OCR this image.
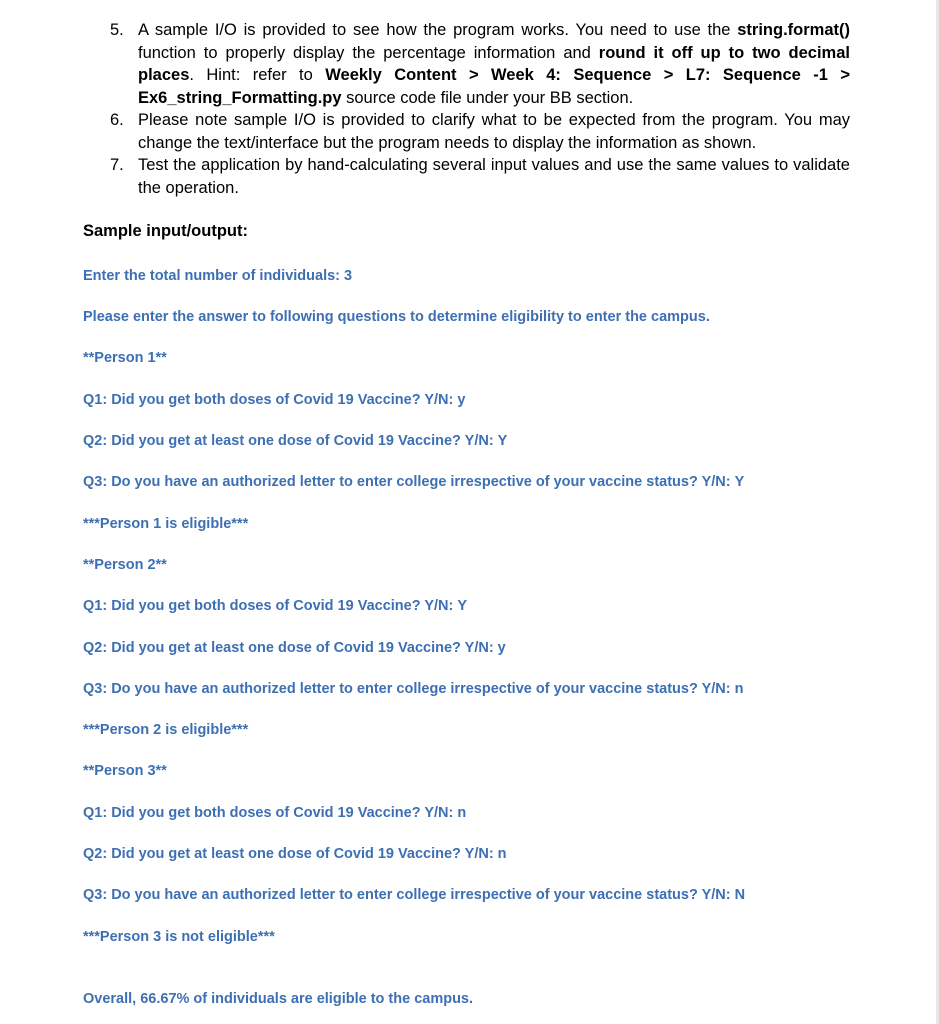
5. A sample I/O is provided to see how the program works. You need to use the string.format() function to properly display the percentage information and round it off up to two decimal places. Hint: refer to Weekly Content > Week 4: Sequence > L7: Sequence -1 > Ex6_string_Formatting.py source code file under your BB section.
6. Please note sample I/O is provided to clarify what to be expected from the program. You may change the text/interface but the program needs to display the information as shown.
7. Test the application by hand-calculating several input values and use the same values to validate the operation.

Sample input/output:

Enter the total number of individuals: 3

Please enter the answer to following questions to determine eligibility to enter the campus.

**Person 1**

Q1: Did you get both doses of Covid 19 Vaccine? Y/N: y

Q2: Did you get at least one dose of Covid 19 Vaccine? Y/N: Y

Q3: Do you have an authorized letter to enter college irrespective of your vaccine status? Y/N: Y

***Person 1 is eligible***

**Person 2**

Q1: Did you get both doses of Covid 19 Vaccine? Y/N: Y

Q2: Did you get at least one dose of Covid 19 Vaccine? Y/N: y

Q3: Do you have an authorized letter to enter college irrespective of your vaccine status? Y/N: n

***Person 2 is eligible***

**Person 3**

Q1: Did you get both doses of Covid 19 Vaccine? Y/N: n

Q2: Did you get at least one dose of Covid 19 Vaccine? Y/N: n

Q3: Do you have an authorized letter to enter college irrespective of your vaccine status? Y/N: N

***Person 3 is not eligible***

Overall, 66.67% of individuals are eligible to the campus.
